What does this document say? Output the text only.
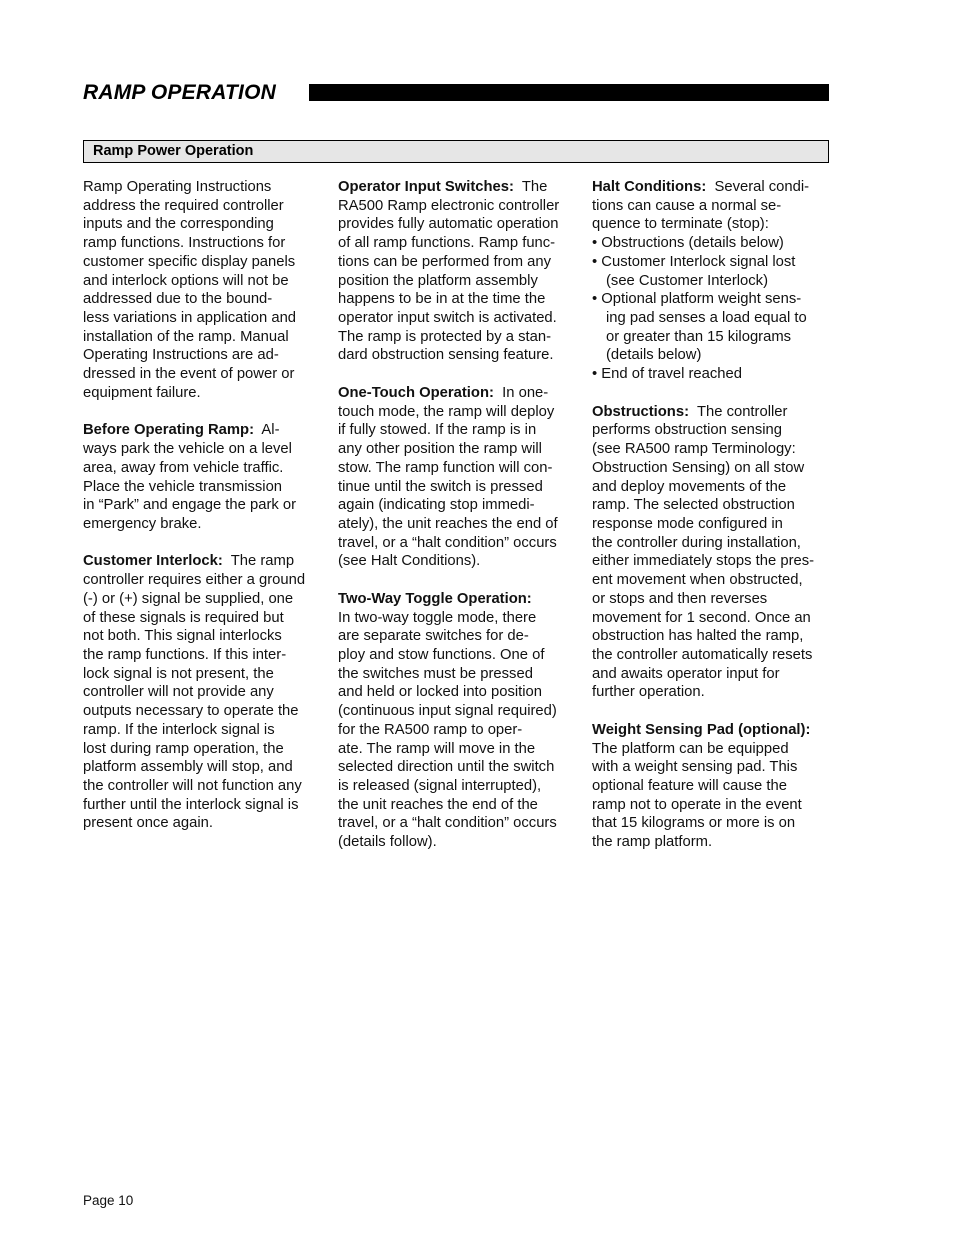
RAMP OPERATION
Ramp Power Operation
Ramp Operating Instructions
address the required controller
inputs and the corresponding
ramp functions. Instructions for
customer specific display panels
and interlock options will not be
addressed due to the bound-
less variations in application and
installation of the ramp. Manual
Operating Instructions are ad-
dressed in the event of power or
equipment failure.
Before Operating Ramp:  Al-
ways park the vehicle on a level
area, away from vehicle traffic.
Place the vehicle transmission
in “Park” and engage the park or
emergency brake.
Customer Interlock:  The ramp
controller requires either a ground
(-) or (+) signal be supplied, one
of these signals is required but
not both. This signal interlocks
the ramp functions. If this inter-
lock signal is not present, the
controller will not provide any
outputs necessary to operate the
ramp. If the interlock signal is
lost during ramp operation, the
platform assembly will stop, and
the controller will not function any
further until the interlock signal is
present once again.
Operator Input Switches:  The
RA500 Ramp electronic controller
provides fully automatic operation
of all ramp functions. Ramp func-
tions can be performed from any
position the platform assembly
happens to be in at the time the
operator input switch is activated.
The ramp is protected by a stan-
dard obstruction sensing feature.
One-Touch Operation:  In one-
touch mode, the ramp will deploy
if fully stowed. If the ramp is in
any other position the ramp will
stow. The ramp function will con-
tinue until the switch is pressed
again (indicating stop immedi-
ately), the unit reaches the end of
travel, or a “halt condition” occurs
(see Halt Conditions).
Two-Way Toggle Operation:
In two-way toggle mode, there
are separate switches for de-
ploy and stow functions. One of
the switches must be pressed
and held or locked into position
(continuous input signal required)
for the RA500 ramp to oper-
ate. The ramp will move in the
selected direction until the switch
is released (signal interrupted),
the unit reaches the end of the
travel, or a “halt condition” occurs
(details follow).
Halt Conditions:  Several condi-
tions can cause a normal se-
quence to terminate (stop):
• Obstructions (details below)
• Customer Interlock signal lost
(see Customer Interlock)
• Optional platform weight sens-
ing pad senses a load equal to
or greater than 15 kilograms
(details below)
• End of travel reached
Obstructions:  The controller
performs obstruction sensing
(see RA500 ramp Terminology:
Obstruction Sensing) on all stow
and deploy movements of the
ramp. The selected obstruction
response mode configured in
the controller during installation,
either immediately stops the pres-
ent movement when obstructed,
or stops and then reverses
movement for 1 second. Once an
obstruction has halted the ramp,
the controller automatically resets
and awaits operator input for
further operation.
Weight Sensing Pad (optional):
The platform can be equipped
with a weight sensing pad. This
optional feature will cause the
ramp not to operate in the event
that 15 kilograms or more is on
the ramp platform.
Page 10
